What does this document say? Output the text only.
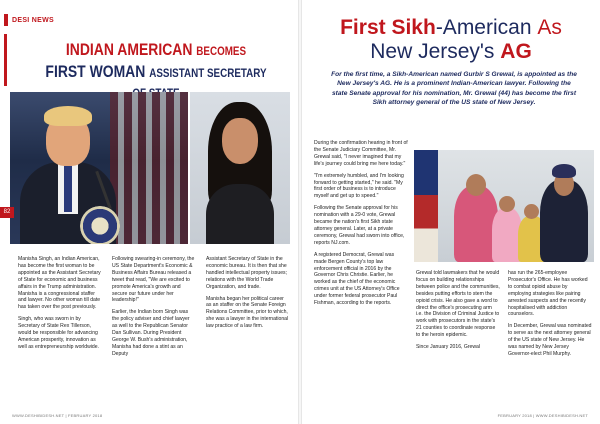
DESI NEWS
INDIAN AMERICAN BECOMES
FIRST WOMAN ASSISTANT SECRETARY
82

Manisha Singh, an Indian American, has become the first woman to be appointed as the Assistant Secretary of State for economic and business affairs in the Trump administration. Manisha is a congressional staffer and lawyer. No other woman till date has taken over the post previously.

Singh, who was sworn in by Secretary of State Rex Tillerson, would be responsible for advancing American prosperity, innovation as well as entrepreneurship worldwide.

Following swearing-in ceremony, the US State Department's Economic & Business Affairs Bureau released a tweet that read, "We are excited to promote America's growth and secure our future under her leadership!"

Earlier, the Indian born Singh was the policy adviser and chief lawyer as well to the Republican Senator Dan Sullivan. During President George W. Bush's administration, Manisha had done a stint as an Deputy

Assistant Secretary of State in the economic bureau. It is then that she handled intellectual property issues; relations with the World Trade Organization, and trade.

Manisha began her political career as an staffer on the Senate Foreign Relations Committee, prior to which, she was a lawyer in the international law practice of a law firm.

WWW.DESHIBIDESH.NET | FEBRUARY 2018
First Sikh-American As
New Jersey's AG
For the first time, a Sikh-American named Gurbir S Grewal, is appointed as the New Jersey's AG. He is a prominent Indian-American lawyer. Following the state Senate approval for his nomination, Mr. Grewal (44) has become the first Sikh attorney general of the US state of New Jersey.

During the confirmation hearing in front of the Senate Judiciary Committee, Mr. Grewal said, "I never imagined that my life's journey could bring me here today."

"I'm extremely humbled, and I'm looking forward to getting started," he said. "My first order of business is to introduce myself and get up to speed."

Following the Senate approval for his nomination with a 29-0 vote, Grewal became the nation's first Sikh state attorney general. Later, at a private ceremony, Grewal had sworn into office, reports NJ.com.

A registered Democrat, Grewal was made Bergen County's top law enforcement official in 2016 by the Governor Chris Christie. Earlier, he worked as the chief of the economic crimes unit at the US Attorney's Office under former federal prosecutor Paul Fishman, according to the reports.

Grewal told lawmakers that he would focus on building relationships between police and the communities, besides putting efforts to stem the opioid crisis. He also gave a word to direct the office's prosecuting arm i.e. the Division of Criminal Justice to work with prosecutors in the state's 21 counties to coordinate response to the heroin epidemic.

Since January 2016, Grewal

has run the 265-employee Prosecutor's Office. He has worked to combat opioid abuse by employing strategies like pairing arrested suspects and the recently hospitalised with addiction counselors.

In December, Grewal was nominated to serve as the next attorney general of the US state of New Jersey. He was named by New Jersey Governor-elect Phil Murphy.

FEBRUARY 2018 | WWW.DESHIBIDESH.NET
